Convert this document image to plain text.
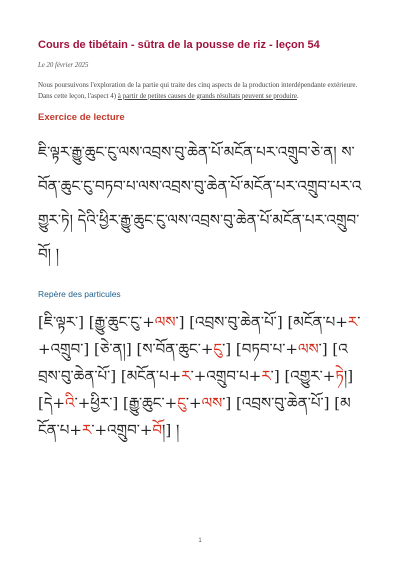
Cours de tibétain - sūtra de la pousse de riz - leçon 54
Le 20 février 2025

Nous poursuivons l'exploration de la partie qui traite des cinq aspects de la production interdépendante extérieure. Dans cette leçon, l'aspect 4) à partir de petites causes de grands résultats peuvent se produire.

Exercice de lecture
ཇི་ལྟར་རྒྱུ་ཆུང་ངུ་ལས་འབྲས་བུ་ཆེན་པོ་མངོན་པར་འགྲུབ་ཅེ་ན། ས་བོན་ཆུང་ངུ་བཏབ་པ་ལས་འབྲས་བུ་ཆེན་པོ་མངོན་པར་འགྲུབ་པར་འགྱུར་ཏེ། དེའི་ཕྱིར་རྒྱུ་ཆུང་ངུ་ལས་འབྲས་བུ་ཆེན་པོ་མངོན་པར་འགྲུབ་བོ། །
Repère des particules
[ཇི་ལྟར་] [རྒྱུ་ཆུང་ངུ་+ལས་] [འབྲས་བུ་ཆེན་པོ་] [མངོན་པ+ར་+འགྲུབ་] [ཅེ་ན།] [ས་བོན་ཆུང་+ངུ་] [བཏབ་པ་+ལས་] [འབྲས་བུ་ཆེན་པོ་] [མངོན་པ+ར་+འགྲུབ་པ+ར་] [འགྱུར་+ཏེ།] [དེ+འི་+ཕྱིར་] [རྒྱུ་ཆུང་+ངུ་+ལས་] [འབྲས་བུ་ཆེན་པོ་] [མངོན་པ+ར་+འགྲུབ་+བོ།] །
1
